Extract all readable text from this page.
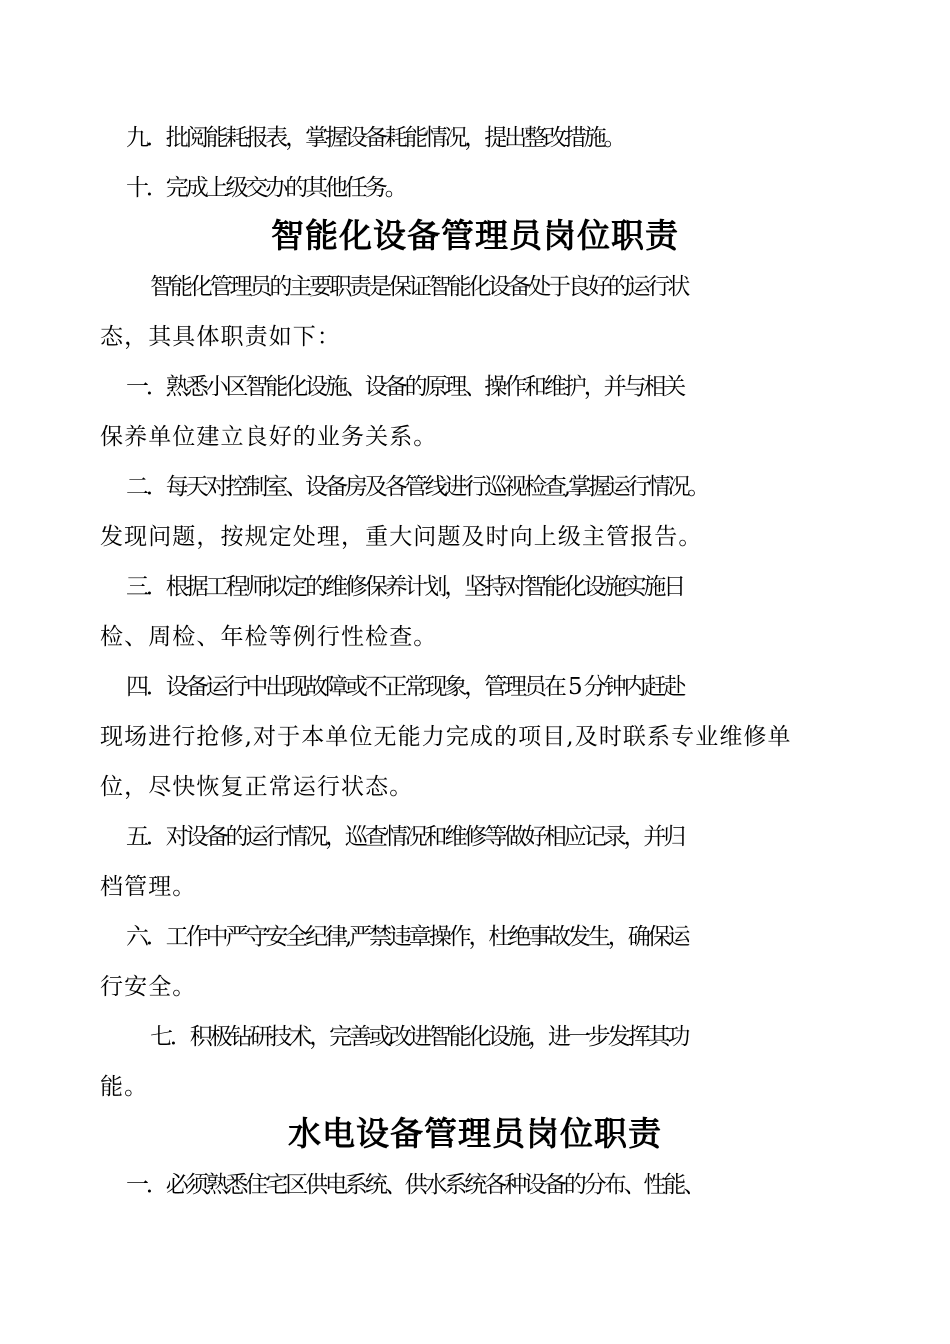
九．批阅能耗报表，掌握设备耗能情况，提出整改措施。
十．完成上级交办的其他任务。
智能化设备管理员岗位职责
智能化管理员的主要职责是保证智能化设备处于良好的运行状
态，其具体职责如下：
一．熟悉小区智能化设施、设备的原理、操作和维护，并与相关
保养单位建立良好的业务关系。
二．每天对控制室、设备房及各管线进行巡视检查,掌握运行情况。
发现问题，按规定处理，重大问题及时向上级主管报告。
三．根据工程师拟定的维修保养计划，坚持对智能化设施实施日
检、周检、年检等例行性检查。
四．设备运行中出现故障或不正常现象，管理员在 5 分钟内赶赴
现场进行抢修,对于本单位无能力完成的项目,及时联系专业维修单
位，尽快恢复正常运行状态。
五．对设备的运行情况，巡查情况和维修等做好相应记录，并归
档管理。
六．工作中严守安全纪律,严禁违章操作，杜绝事故发生，确保运
行安全。
七．积极钻研技术，完善或改进智能化设施，进一步发挥其功
能。
水电设备管理员岗位职责
一．必须熟悉住宅区供电系统、供水系统各种设备的分布、性能、
